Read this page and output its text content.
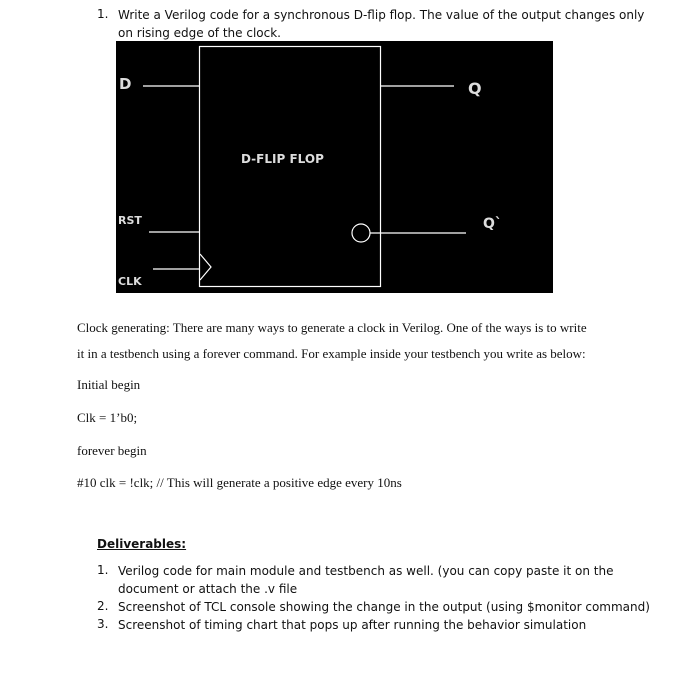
1. Write a Verilog code for a synchronous D-flip flop. The value of the output changes only
on rising edge of the clock.
D	Q
D-FLIP FLOP
RST	Q`
CLK
Clock generating: There are many ways to generate a clock in Verilog. One of the ways is to write
it in a testbench using a forever command. For example inside your testbench you write as below:
Initial begin
Clk = 1’b0;
forever begin
#10 clk = !clk; // This will generate a positive edge every 10ns
Deliverables:
1. Verilog code for main module and testbench as well. (you can copy paste it on the
document or attach the .v file
2. Screenshot of TCL console showing the change in the output (using $monitor command)
3. Screenshot of timing chart that pops up after running the behavior simulation
